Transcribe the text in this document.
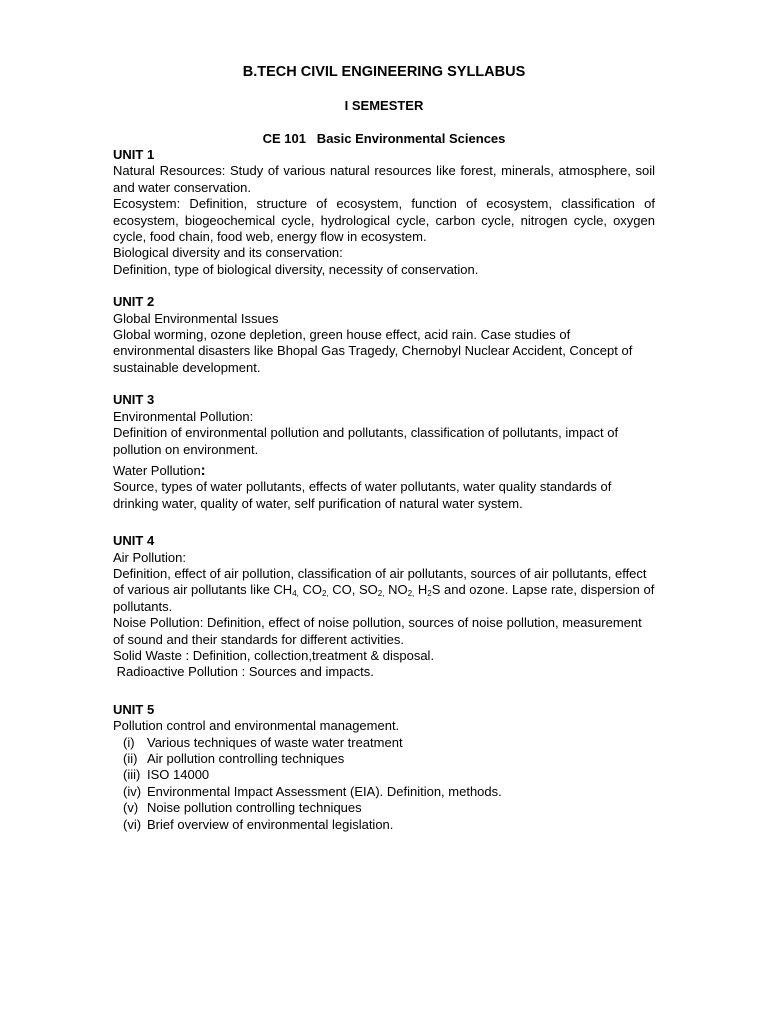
B.TECH CIVIL ENGINEERING SYLLABUS
I SEMESTER
CE 101   Basic Environmental Sciences

UNIT 1

Natural Resources: Study of various natural resources like forest, minerals, atmosphere, soil and water conservation.

Ecosystem: Definition, structure of ecosystem, function of ecosystem, classification of ecosystem, biogeochemical cycle, hydrological cycle, carbon cycle, nitrogen cycle, oxygen cycle, food chain, food web, energy flow in ecosystem.

Biological diversity and its conservation:

Definition, type of biological diversity, necessity of conservation.

UNIT 2

Global Environmental Issues

Global worming, ozone depletion, green house effect, acid rain. Case studies of environmental disasters like Bhopal Gas Tragedy, Chernobyl Nuclear Accident, Concept of sustainable development.

UNIT 3

Environmental Pollution:

Definition of environmental pollution and pollutants, classification of pollutants, impact of pollution on environment.

Water Pollution:

Source, types of water pollutants, effects of water pollutants, water quality standards of drinking water, quality of water, self purification of natural water system.

UNIT 4

Air Pollution:

Definition, effect of air pollution, classification of air pollutants, sources of air pollutants, effect of various air pollutants like $CH_{4,}$ $CO_{2,}$ CO, $SO_{2,}$ $NO_{2,}$ $H_2S$ and ozone. Lapse rate, dispersion of pollutants.

Noise Pollution: Definition, effect of noise pollution, sources of noise pollution, measurement of sound and their standards for different activities.

Solid Waste : Definition, collection,treatment & disposal.

Radioactive Pollution : Sources and impacts.

UNIT 5

Pollution control and environmental management.

(i) Various techniques of waste water treatment
(ii) Air pollution controlling techniques
(iii) ISO 14000
(iv) Environmental Impact Assessment (EIA). Definition, methods.
(v) Noise pollution controlling techniques
(vi) Brief overview of environmental legislation.
